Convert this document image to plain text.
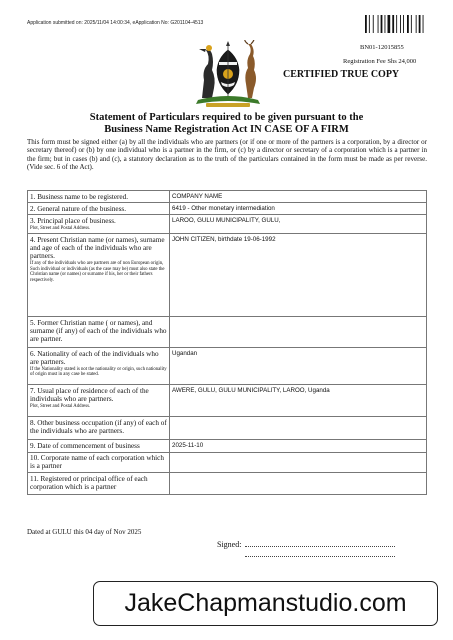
Application submitted on: 2025/11/04 14:00:34, eApplication No: G201104-4513
BN01-12015855
Registration Fee Shs 24,000
CERTIFIED TRUE COPY
Statement of Particulars required to be given pursuant to the
Business Name Registration Act IN CASE OF A FIRM
This form must be signed either (a) by all the individuals who are partners (or if one or more of the partners is a corporation, by a director or secretary thereof) or (b) by one individual who is a partner in the firm, or (c) by a director or secretary of a corporation which is a partner in the firm; but in cases (b) and (c), a statutory declaration as to the truth of the particulars contained in the form must be made as per reverse. (Vide sec. 6 of the Act).
1. Business name to be registered.	COMPANY NAME
2. General nature of the business.	6419 - Other monetary intermediation
3. Principal place of business.
Plot, Street and Postal Address.	LAROO, GULU MUNICIPALITY, GULU,
4. Present Christian name (or names), surname and age of each of the individuals who are partners.
If any of the individuals who are partners are of non European origin, Such individual or individuals (as the case may be) must also state the Christian name (or names) or surname if his, her or their fathers respectively.	JOHN CITIZEN, birthdate 19-06-1992
5. Former Christian name ( or names), and surname (if any) of each of the individuals who are partner.	
6. Nationality of each of the individuals who are partners.
If the Nationality stated is not the nationality or origin, such nationality of origin must in any case be stated.	Ugandan
7. Usual place of residence of each of the individuals who are partners.
Plot, Street and Postal Address.	AWERE, GULU, GULU MUNICIPALITY, LAROO, Uganda
8. Other business occupation (if any) of each of the individuals who are partners.	
9. Date of commencement of business	2025-11-10
10. Corporate name of each corporation which is a partner	
11. Registered or principal office of each corporation which is a partner	
Dated at GULU this 04 day of Nov 2025
Signed:
JakeChapmanstudio.com
